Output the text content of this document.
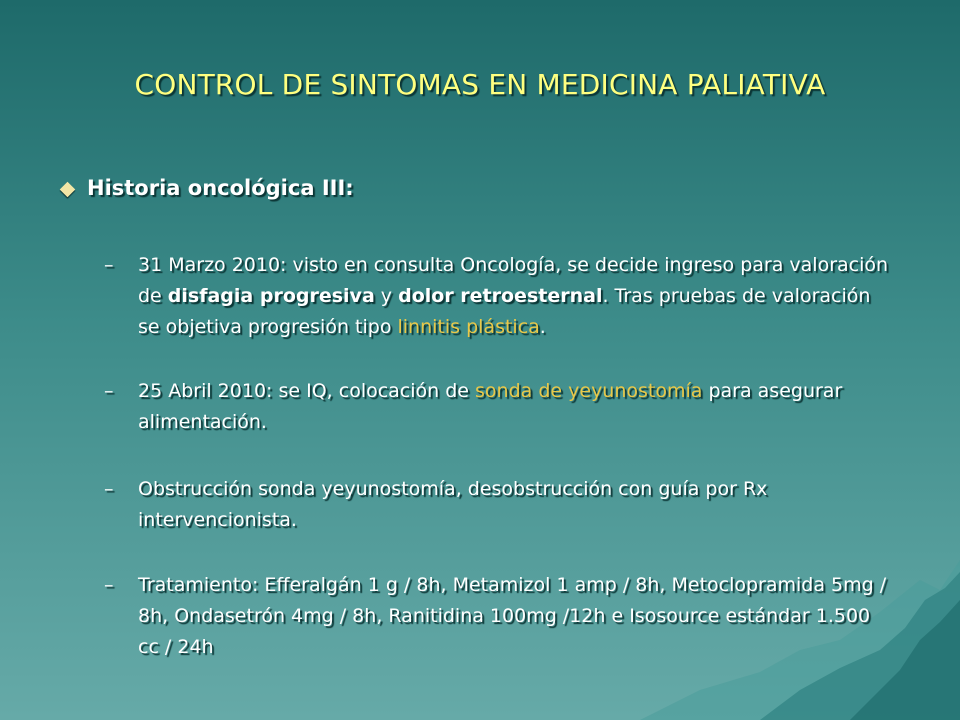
CONTROL DE SINTOMAS EN MEDICINA PALIATIVA
Historia oncológica III:
–	31 Marzo 2010: visto en consulta Oncología, se decide ingreso para valoración de disfagia progresiva y dolor retroesternal. Tras pruebas de valoración se objetiva progresión tipo linnitis plástica.
–	25 Abril 2010: se IQ, colocación de sonda de yeyunostomía para asegurar alimentación.
–	Obstrucción sonda yeyunostomía, desobstrucción con guía por Rx intervencionista.
–	Tratamiento: Efferalgán 1 g / 8h, Metamizol 1 amp / 8h, Metoclopramida 5mg / 8h, Ondasetrón 4mg / 8h, Ranitidina 100mg /12h e Isosource estándar 1.500 cc / 24h
